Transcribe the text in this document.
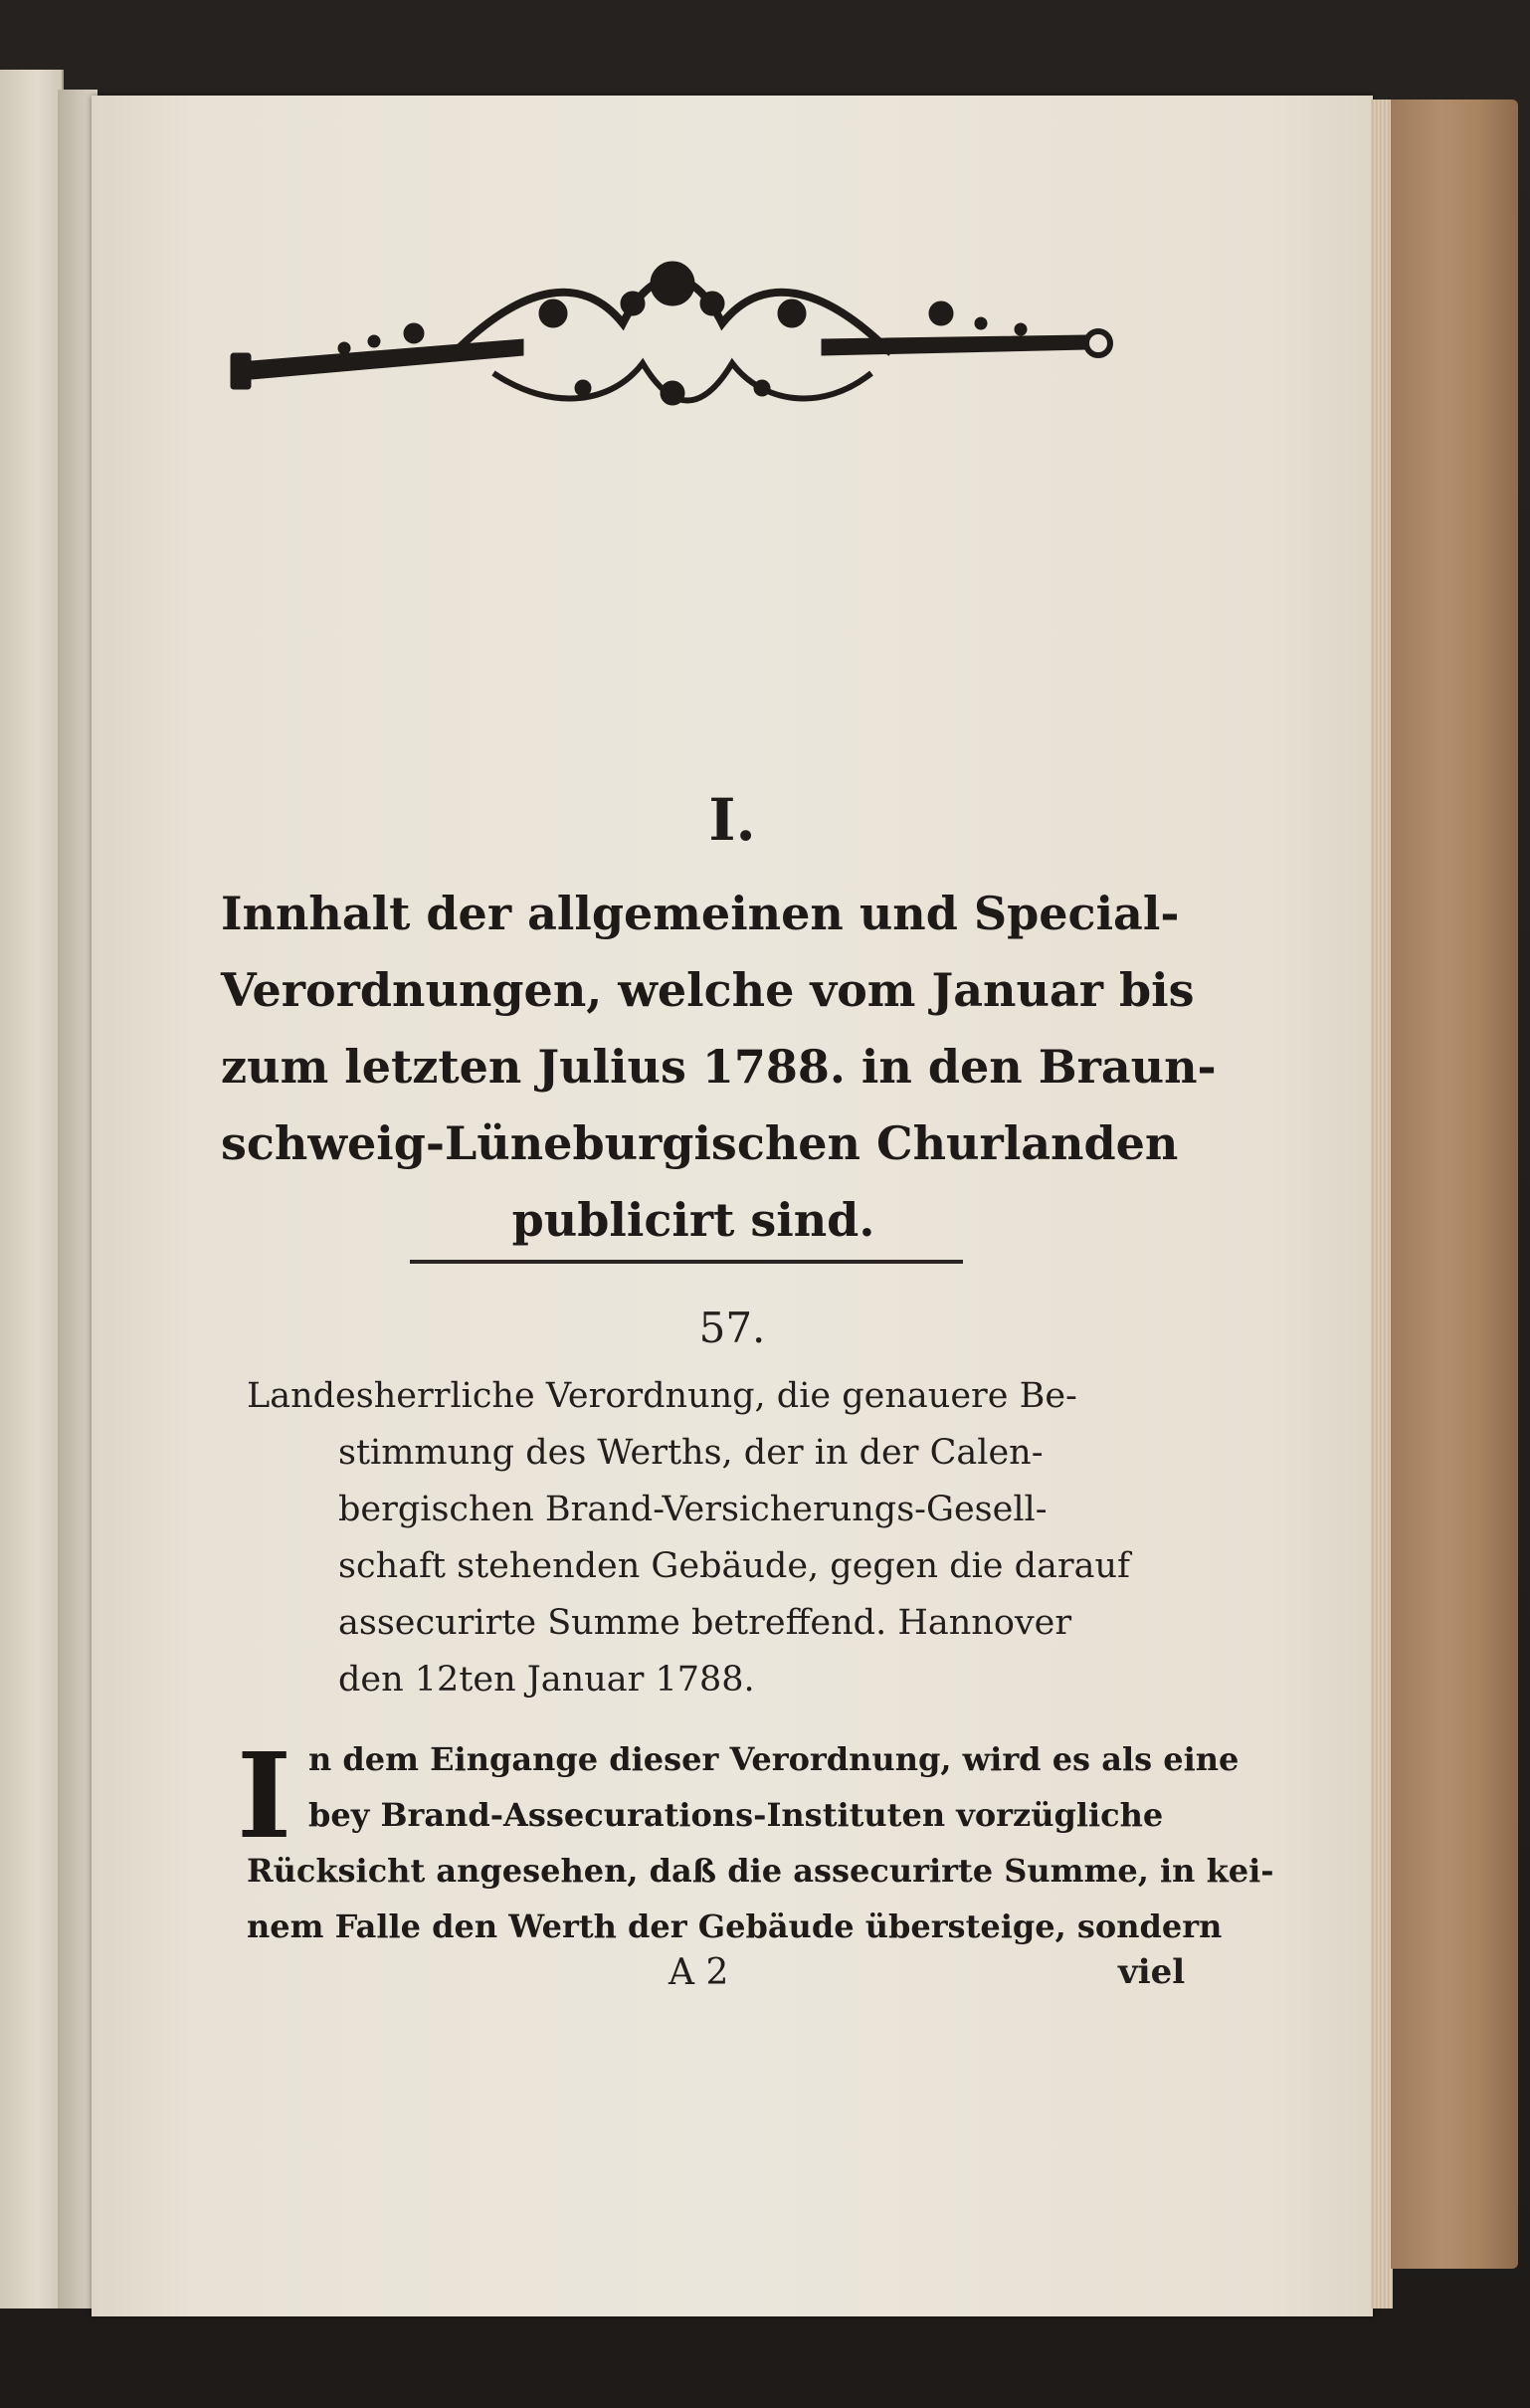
I.
Innhalt der allgemeinen und Special-
Verordnungen, welche vom Januar bis
zum letzten Julius 1788. in den Braun-
schweig-Lüneburgischen Churlanden
publicirt sind.
57.
Landesherrliche Verordnung, die genauere Be-
stimmung des Werths, der in der Calen-
bergischen Brand-Versicherungs-Gesell-
schaft stehenden Gebäude, gegen die darauf
assecurirte Summe betreffend. Hannover
den 12ten Januar 1788.
I n dem Eingange dieser Verordnung, wird es als eine
bey Brand-Assecurations-Instituten vorzügliche
Rücksicht angesehen, daß die assecurirte Summe, in kei-
nem Falle den Werth der Gebäude übersteige, sondern
A 2	viel
